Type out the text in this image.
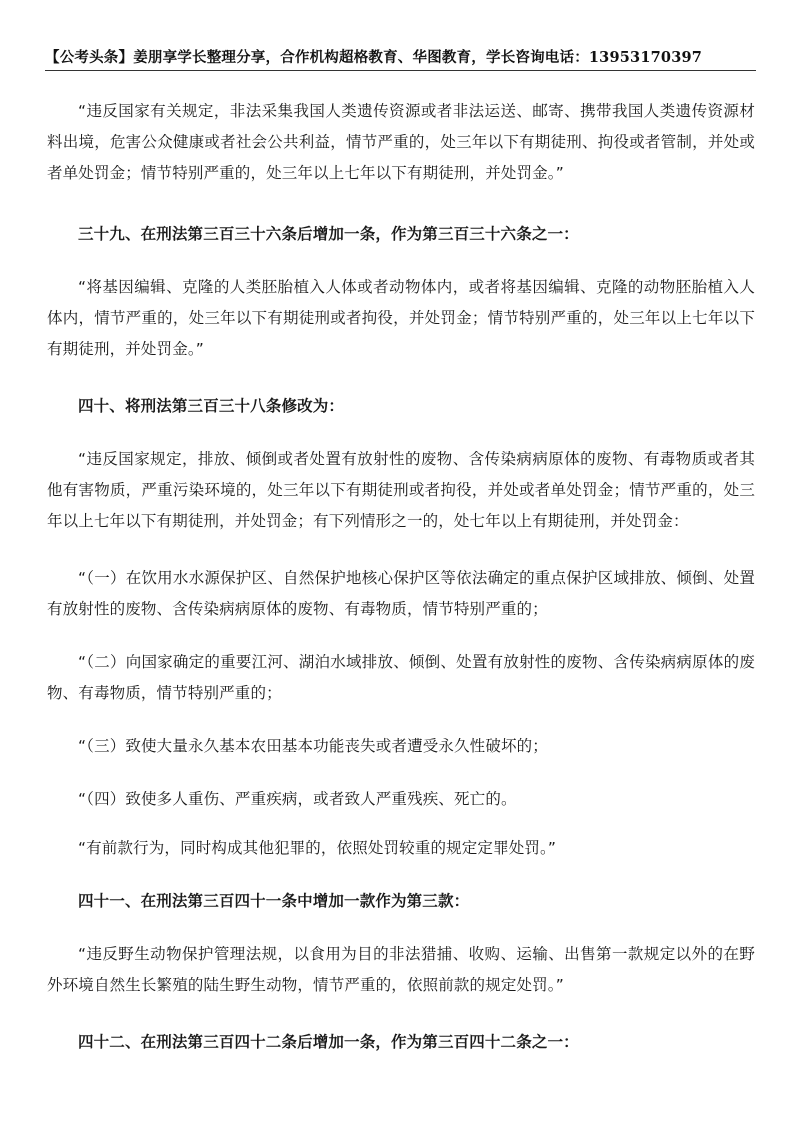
【公考头条】姜朋享学长整理分享，合作机构超格教育、华图教育，学长咨询电话：13953170397

“违反国家有关规定，非法采集我国人类遗传资源或者非法运送、邮寄、携带我国人类遗传资源材料出境，危害公众健康或者社会公共利益，情节严重的，处三年以下有期徒刑、拘役或者管制，并处或者单处罚金；情节特别严重的，处三年以上七年以下有期徒刑，并处罚金。”

三十九、在刑法第三百三十六条后增加一条，作为第三百三十六条之一：

“将基因编辑、克隆的人类胚胎植入人体或者动物体内，或者将基因编辑、克隆的动物胚胎植入人体内，情节严重的，处三年以下有期徒刑或者拘役，并处罚金；情节特别严重的，处三年以上七年以下有期徒刑，并处罚金。”

四十、将刑法第三百三十八条修改为：

“违反国家规定，排放、倾倒或者处置有放射性的废物、含传染病病原体的废物、有毒物质或者其他有害物质，严重污染环境的，处三年以下有期徒刑或者拘役，并处或者单处罚金；情节严重的，处三年以上七年以下有期徒刑，并处罚金；有下列情形之一的，处七年以上有期徒刑，并处罚金：

“（一）在饮用水水源保护区、自然保护地核心保护区等依法确定的重点保护区域排放、倾倒、处置有放射性的废物、含传染病病原体的废物、有毒物质，情节特别严重的；

“（二）向国家确定的重要江河、湖泊水域排放、倾倒、处置有放射性的废物、含传染病病原体的废物、有毒物质，情节特别严重的；

“（三）致使大量永久基本农田基本功能丧失或者遭受永久性破坏的；

“（四）致使多人重伤、严重疾病，或者致人严重残疾、死亡的。

“有前款行为，同时构成其他犯罪的，依照处罚较重的规定定罪处罚。”

四十一、在刑法第三百四十一条中增加一款作为第三款：

“违反野生动物保护管理法规，以食用为目的非法猎捕、收购、运输、出售第一款规定以外的在野外环境自然生长繁殖的陆生野生动物，情节严重的，依照前款的规定处罚。”

四十二、在刑法第三百四十二条后增加一条，作为第三百四十二条之一：
